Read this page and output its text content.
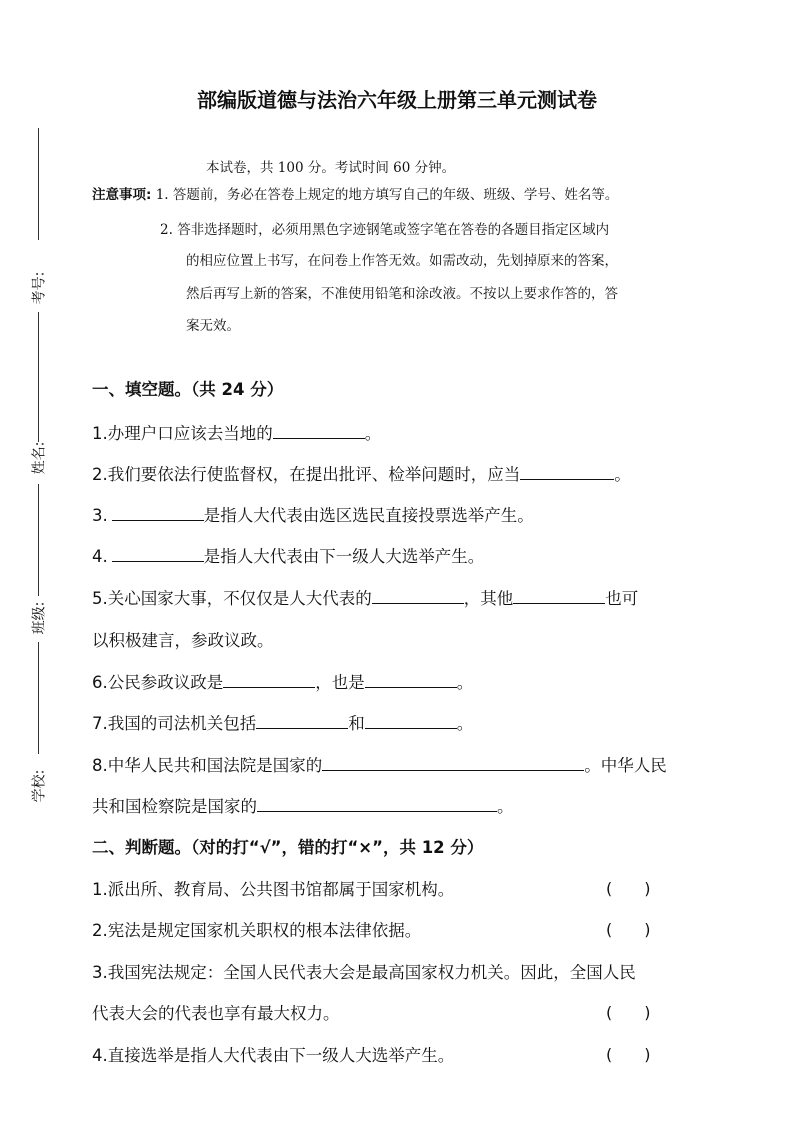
考号:
姓名:
班级:
学校:
部编版道德与法治六年级上册第三单元测试卷
本试卷，共 100 分。考试时间 60 分钟。
注意事项: 1. 答题前，务必在答卷上规定的地方填写自己的年级、班级、学号、姓名等。
2. 答非选择题时，必须用黑色字迹钢笔或签字笔在答卷的各题目指定区域内
的相应位置上书写，在问卷上作答无效。如需改动，先划掉原来的答案，
然后再写上新的答案，不准使用铅笔和涂改液。不按以上要求作答的，答
案无效。
一、填空题。（共 24 分）
1.办理户口应该去当地的	。
2.我们要依法行使监督权，在提出批评、检举问题时，应当	。
3.	是指人大代表由选区选民直接投票选举产生。
4.	是指人大代表由下一级人大选举产生。
5.关心国家大事，不仅仅是人大代表的	，其他	也可
以积极建言，参政议政。
6.公民参政议政是	，也是	。
7.我国的司法机关包括	和	。
8.中华人民共和国法院是国家的	。中华人民
共和国检察院是国家的	。
二、判断题。（对的打“√”，错的打“×”，共 12 分）
1.派出所、教育局、公共图书馆都属于国家机构。	(　　)
2.宪法是规定国家机关职权的根本法律依据。	(　　)
3.我国宪法规定：全国人民代表大会是最高国家权力机关。因此，全国人民
代表大会的代表也享有最大权力。	(　　)
4.直接选举是指人大代表由下一级人大选举产生。	(　　)
